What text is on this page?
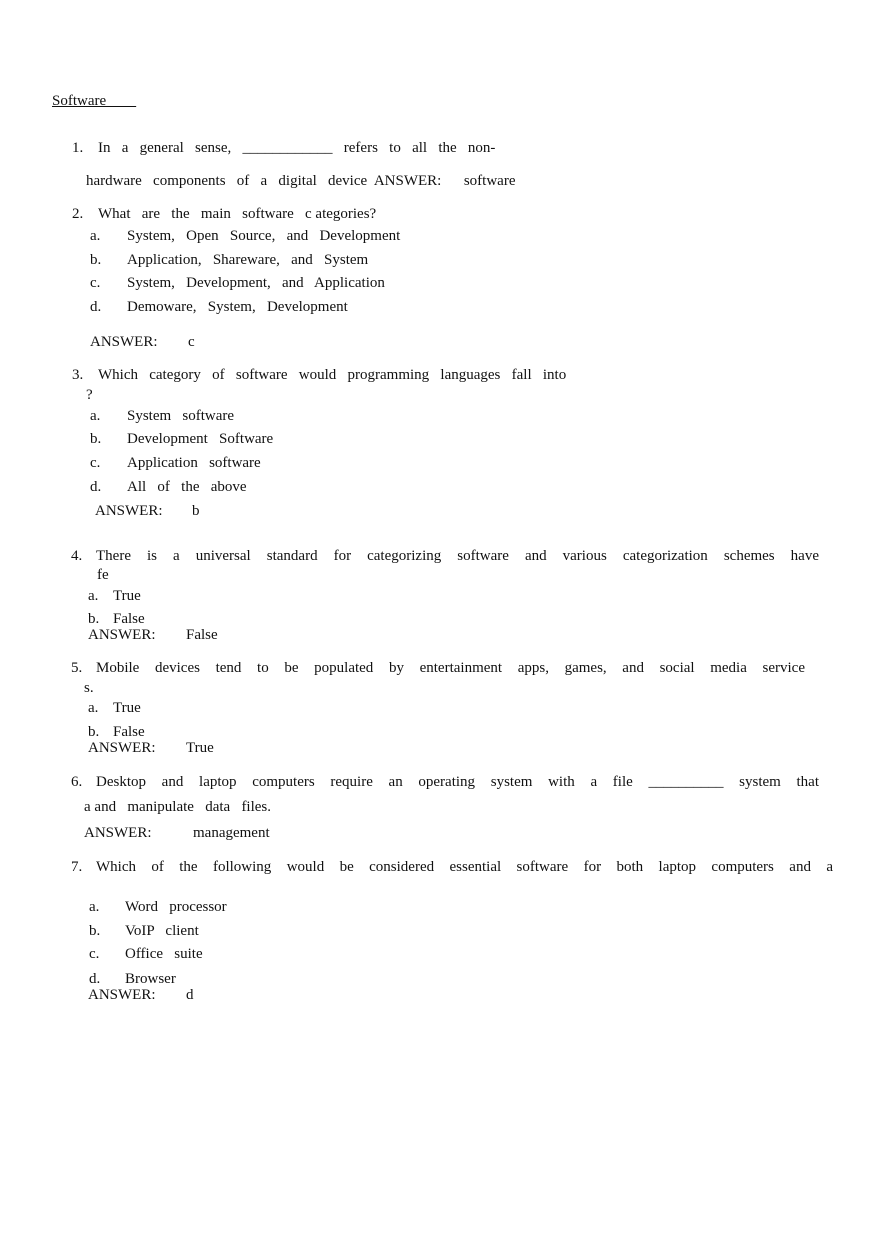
Software
1. In   a   general   sense,   ____________   refers   to   all   the   non-
hardware   components   of   a   digital   device  ANSWER:      software
2. What   are   the   main   software   c ategories?
a. System,   Open   Source,   and   Development
b. Application,   Shareware,   and   System
c. System,   Development,   and   Application
d. Demoware,   System,   Development
ANSWER: c
3. Which   category   of   software   would   programming   languages   fall   into
?
a. System   software
b. Development   Software
c. Application   software
d. All   of   the   above
ANSWER: b
4. There is a universal standard for categorizing software and various categorization schemes have
fe
a. True
b. False
ANSWER: False
5. Mobile devices tend to be populated by entertainment apps, games, and social media service
s.
a. True
b. False
ANSWER: True
6. Desktop and laptop computers require an operating system with a file __________ system that
a and   manipulate   data   files.
ANSWER:	management
7. Which of the following would be considered essential software for both laptop computers and a
a. Word   processor
b. VoIP   client
c. Office   suite
d. Browser
ANSWER: d
